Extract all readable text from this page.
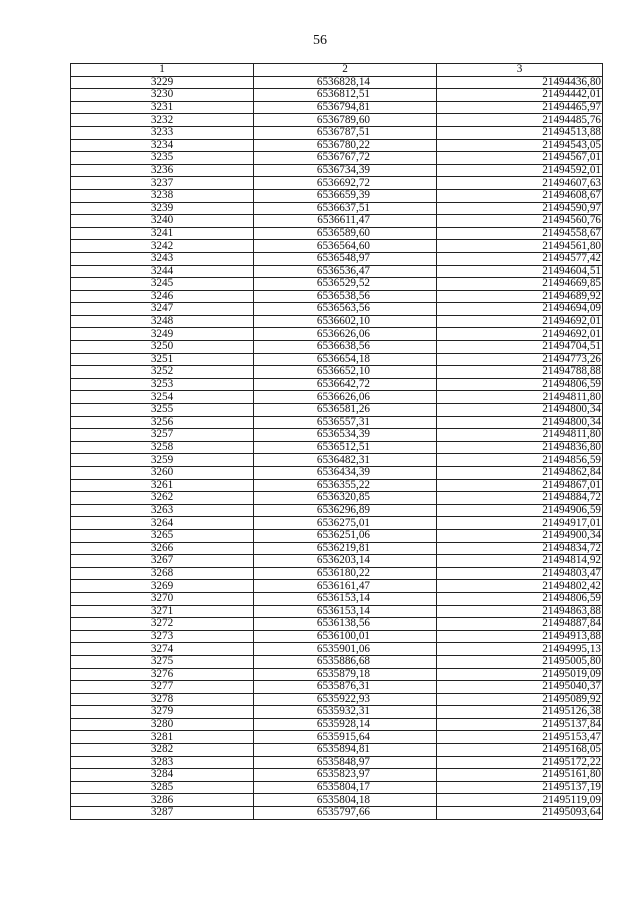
56
1	2	3
3229	6536828,14	21494436,80
3230	6536812,51	21494442,01
3231	6536794,81	21494465,97
3232	6536789,60	21494485,76
3233	6536787,51	21494513,88
3234	6536780,22	21494543,05
3235	6536767,72	21494567,01
3236	6536734,39	21494592,01
3237	6536692,72	21494607,63
3238	6536659,39	21494608,67
3239	6536637,51	21494590,97
3240	6536611,47	21494560,76
3241	6536589,60	21494558,67
3242	6536564,60	21494561,80
3243	6536548,97	21494577,42
3244	6536536,47	21494604,51
3245	6536529,52	21494669,85
3246	6536538,56	21494689,92
3247	6536563,56	21494694,09
3248	6536602,10	21494692,01
3249	6536626,06	21494692,01
3250	6536638,56	21494704,51
3251	6536654,18	21494773,26
3252	6536652,10	21494788,88
3253	6536642,72	21494806,59
3254	6536626,06	21494811,80
3255	6536581,26	21494800,34
3256	6536557,31	21494800,34
3257	6536534,39	21494811,80
3258	6536512,51	21494836,80
3259	6536482,31	21494856,59
3260	6536434,39	21494862,84
3261	6536355,22	21494867,01
3262	6536320,85	21494884,72
3263	6536296,89	21494906,59
3264	6536275,01	21494917,01
3265	6536251,06	21494900,34
3266	6536219,81	21494834,72
3267	6536203,14	21494814,92
3268	6536180,22	21494803,47
3269	6536161,47	21494802,42
3270	6536153,14	21494806,59
3271	6536153,14	21494863,88
3272	6536138,56	21494887,84
3273	6536100,01	21494913,88
3274	6535901,06	21494995,13
3275	6535886,68	21495005,80
3276	6535879,18	21495019,09
3277	6535876,31	21495040,37
3278	6535922,93	21495089,92
3279	6535932,31	21495126,38
3280	6535928,14	21495137,84
3281	6535915,64	21495153,47
3282	6535894,81	21495168,05
3283	6535848,97	21495172,22
3284	6535823,97	21495161,80
3285	6535804,17	21495137,19
3286	6535804,18	21495119,09
3287	6535797,66	21495093,64
